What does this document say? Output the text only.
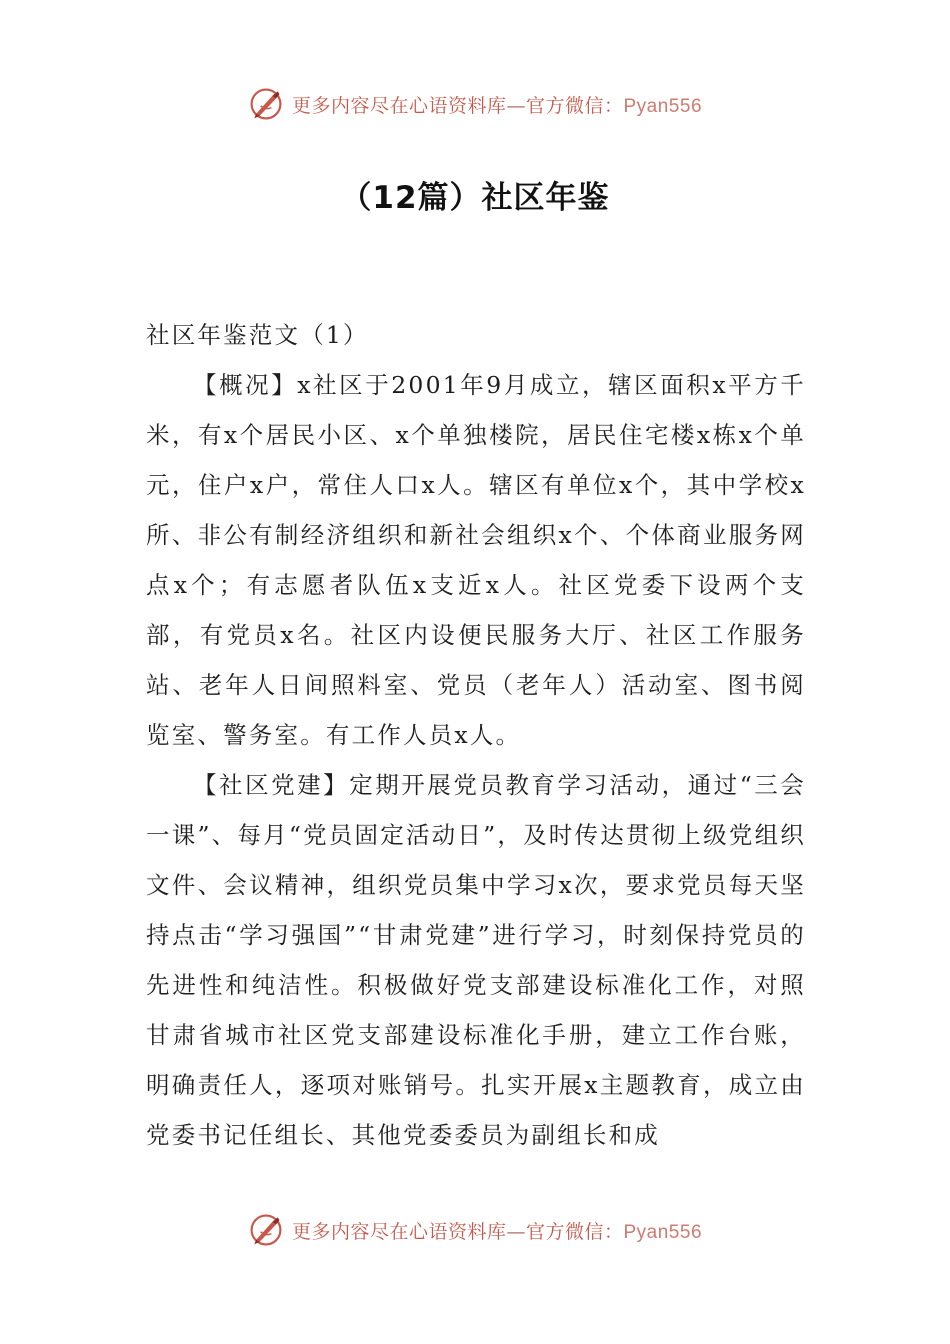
更多内容尽在心语资料库—官方微信：Pyan556
（12篇）社区年鉴

社区年鉴范文（1）

【概况】x社区于2001年9月成立，辖区面积x平方千米，有x个居民小区、x个单独楼院，居民住宅楼x栋x个单元，住户x户，常住人口x人。辖区有单位x个，其中学校x所、非公有制经济组织和新社会组织x个、个体商业服务网点x个；有志愿者队伍x支近x人。社区党委下设两个支部，有党员x名。社区内设便民服务大厅、社区工作服务站、老年人日间照料室、党员（老年人）活动室、图书阅览室、警务室。有工作人员x人。

【社区党建】定期开展党员教育学习活动，通过“三会一课”、每月“党员固定活动日”，及时传达贯彻上级党组织文件、会议精神，组织党员集中学习x次，要求党员每天坚持点击“学习强国”“甘肃党建”进行学习，时刻保持党员的先进性和纯洁性。积极做好党支部建设标准化工作，对照甘肃省城市社区党支部建设标准化手册，建立工作台账，明确责任人，逐项对账销号。扎实开展x主题教育，成立由党委书记任组长、其他党委委员为副组长和成

更多内容尽在心语资料库—官方微信：Pyan556
